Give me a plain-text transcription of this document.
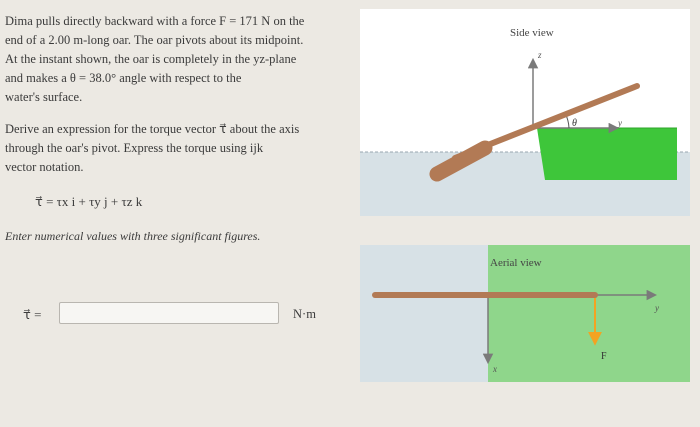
Dima pulls directly backward with a force F = 171 N on the
end of a 2.00 m-long oar. The oar pivots about its midpoint.
At the instant shown, the oar is completely in the yz-plane
and makes a θ = 38.0° angle with respect to the
water's surface.
Derive an expression for the torque vector τ⃗ about the axis
through the oar's pivot. Express the torque using ijk
vector notation.
τ⃗ = τx i + τy j + τz k
Enter numerical values with three significant figures.
τ⃗ =	N·m
Side view
z
y
θ
Aerial view
y
x
F
